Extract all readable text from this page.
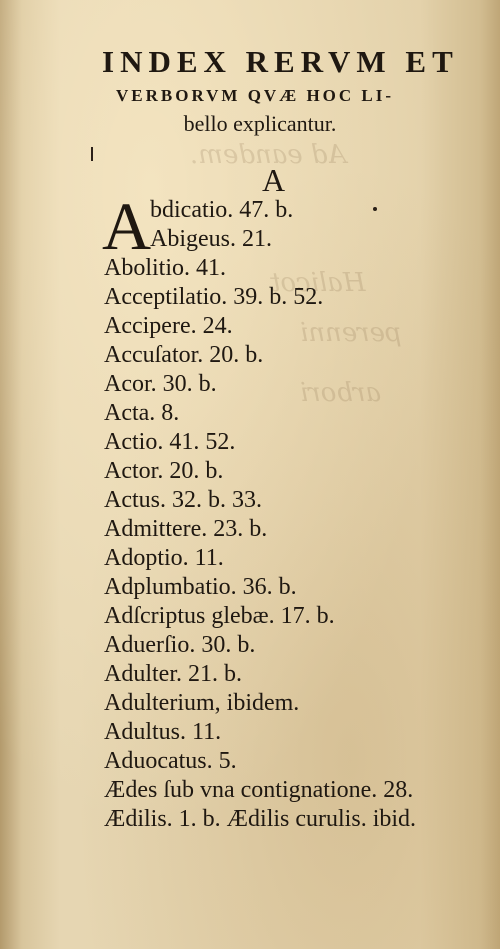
Ad eandem.
Halicot
perenni
arbori
INDEX RERVM ET
VERBORVM QVÆ HOC LI-
bello explicantur.
A
A
bdicatio. 47. b.
Abigeus. 21.
Abolitio. 41.
Acceptilatio. 39. b. 52.
Accipere. 24.
Accuſator. 20. b.
Acor. 30. b.
Acta. 8.
Actio. 41. 52.
Actor. 20. b.
Actus. 32. b. 33.
Admittere. 23. b.
Adoptio. 11.
Adplumbatio. 36. b.
Adſcriptus glebæ. 17. b.
Aduerſio. 30. b.
Adulter. 21. b.
Adulterium, ibidem.
Adultus. 11.
Aduocatus. 5.
Ædes ſub vna contignatione. 28.
Ædilis. 1. b. Ædilis curulis. ibid.
